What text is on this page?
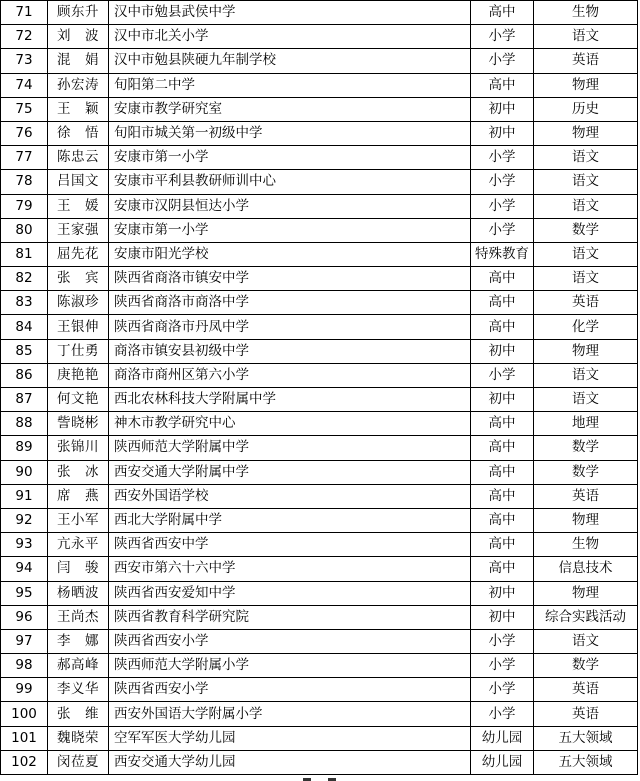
71	顾东升	汉中市勉县武侯中学	高中	生物
72	刘　波	汉中市北关小学	小学	语文
73	混　娟	汉中市勉县陕硬九年制学校	小学	英语
74	孙宏涛	旬阳第二中学	高中	物理
75	王　颖	安康市教学研究室	初中	历史
76	徐　悟	旬阳市城关第一初级中学	初中	物理
77	陈忠云	安康市第一小学	小学	语文
78	吕国文	安康市平利县教研师训中心	小学	语文
79	王　媛	安康市汉阴县恒达小学	小学	语文
80	王家强	安康市第一小学	小学	数学
81	屈先花	安康市阳光学校	特殊教育	语文
82	张　宾	陕西省商洛市镇安中学	高中	语文
83	陈淑珍	陕西省商洛市商洛中学	高中	英语
84	王银伸	陕西省商洛市丹凤中学	高中	化学
85	丁仕勇	商洛市镇安县初级中学	初中	物理
86	庚艳艳	商洛市商州区第六小学	小学	语文
87	何文艳	西北农林科技大学附属中学	初中	语文
88	訾晓彬	神木市教学研究中心	高中	地理
89	张锦川	陕西师范大学附属中学	高中	数学
90	张　冰	西安交通大学附属中学	高中	数学
91	席　燕	西安外国语学校	高中	英语
92	王小军	西北大学附属中学	高中	物理
93	亢永平	陕西省西安中学	高中	生物
94	闫　骏	西安市第六十六中学	高中	信息技术
95	杨晒波	陕西省西安爱知中学	初中	物理
96	王尚杰	陕西省教育科学研究院	初中	综合实践活动
97	李　娜	陕西省西安小学	小学	语文
98	郝高峰	陕西师范大学附属小学	小学	数学
99	李义华	陕西省西安小学	小学	英语
100	张　维	西安外国语大学附属小学	小学	英语
101	魏晓荣	空军军医大学幼儿园	幼儿园	五大领域
102	闵莅夏	西安交通大学幼儿园	幼儿园	五大领域
